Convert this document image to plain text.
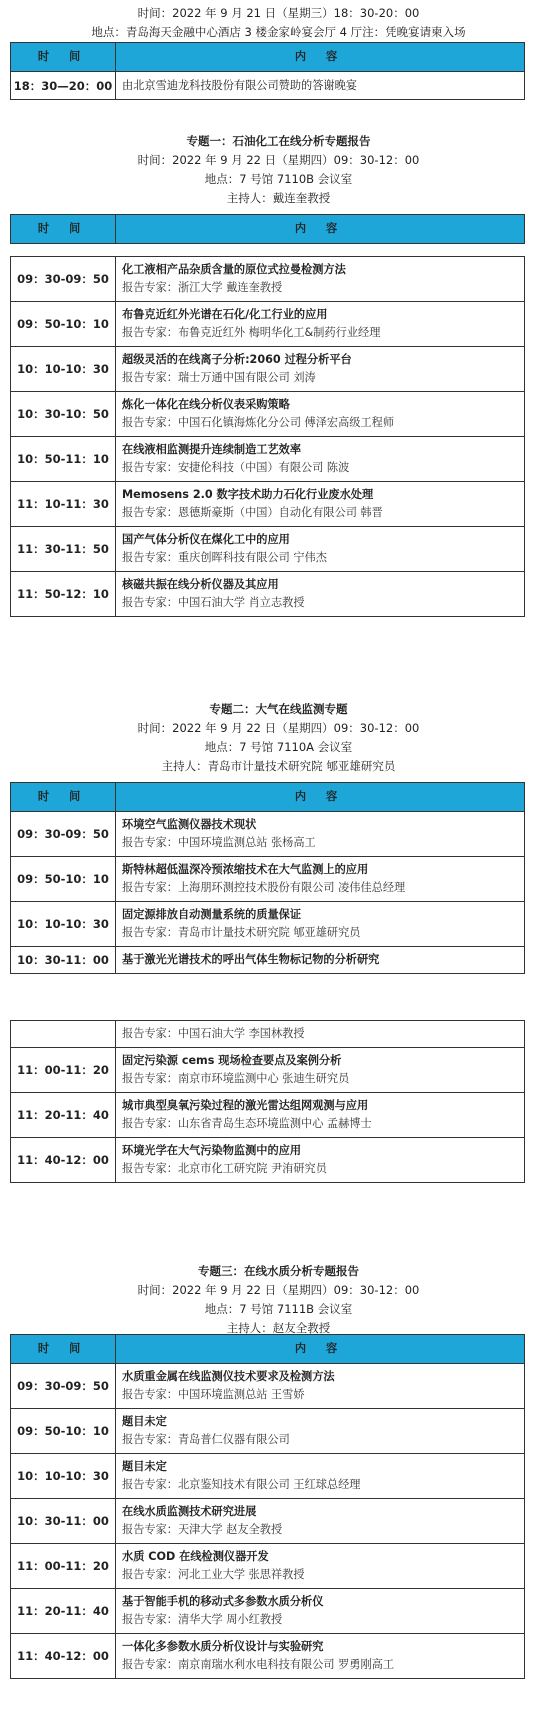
时间：2022 年 9 月 21 日（星期三）18：30-20：00
地点：青岛海天金融中心酒店 3 楼金家岭宴会厅 4 厅注：凭晚宴请柬入场
时 间	内 容
18：30—20：00	由北京雪迪龙科技股份有限公司赞助的答谢晚宴
专题一：石油化工在线分析专题报告
时间：2022 年 9 月 22 日（星期四）09：30-12：00
地点：7 号馆 7110B 会议室
主持人：戴连奎教授
时 间	内 容
09：30-09：50	化工液相产品杂质含量的原位式拉曼检测方法
报告专家：浙江大学 戴连奎教授

09：50-10：10	布鲁克近红外光谱在石化/化工行业的应用
报告专家：布鲁克近红外 梅明华化工&制药行业经理

10：10-10：30	超级灵活的在线离子分析:2060 过程分析平台
报告专家：瑞士万通中国有限公司 刘涛

10：30-10：50	炼化一体化在线分析仪表采购策略
报告专家：中国石化镇海炼化分公司 傅泽宏高级工程师

10：50-11：10	在线液相监测提升连续制造工艺效率
报告专家：安捷伦科技（中国）有限公司 陈波

11：10-11：30	Memosens 2.0 数字技术助力石化行业废水处理
报告专家：恩德斯豪斯（中国）自动化有限公司 韩晋

11：30-11：50	国产气体分析仪在煤化工中的应用
报告专家：重庆创晖科技有限公司 宁伟杰

11：50-12：10	核磁共振在线分析仪器及其应用
报告专家：中国石油大学 肖立志教授
专题二：大气在线监测专题
时间：2022 年 9 月 22 日（星期四）09：30-12：00
地点：7 号馆 7110A 会议室
主持人：青岛市计量技术研究院 郇亚雄研究员
时 间	内 容
09：30-09：50	环境空气监测仪器技术现状
报告专家：中国环境监测总站 张杨高工

09：50-10：10	斯特林超低温深冷预浓缩技术在大气监测上的应用
报告专家：上海朋环测控技术股份有限公司 凌伟佳总经理

10：10-10：30	固定源排放自动测量系统的质量保证
报告专家：青岛市计量技术研究院 郇亚雄研究员

10：30-11：00	基于激光光谱技术的呼出气体生物标记物的分析研究

	报告专家：中国石油大学 李国林教授

11：00-11：20	固定污染源 cems 现场检查要点及案例分析
报告专家：南京市环境监测中心 张迪生研究员

11：20-11：40	城市典型臭氧污染过程的激光雷达组网观测与应用
报告专家：山东省青岛生态环境监测中心 孟赫博士

11：40-12：00	环境光学在大气污染物监测中的应用
报告专家：北京市化工研究院 尹洧研究员
专题三：在线水质分析专题报告
时间：2022 年 9 月 22 日（星期四）09：30-12：00
地点：7 号馆 7111B 会议室
主持人：赵友全教授
时 间	内 容
09：30-09：50	水质重金属在线监测仪技术要求及检测方法
报告专家：中国环境监测总站 王雪娇

09：50-10：10	题目未定
报告专家：青岛普仁仪器有限公司

10：10-10：30	题目未定
报告专家：北京鉴知技术有限公司 王红球总经理

10：30-11：00	在线水质监测技术研究进展
报告专家：天津大学 赵友全教授

11：00-11：20	水质 COD 在线检测仪器开发
报告专家：河北工业大学 张思祥教授

11：20-11：40	基于智能手机的移动式多参数水质分析仪
报告专家：清华大学 周小红教授

11：40-12：00	一体化多参数水质分析仪设计与实验研究
报告专家：南京南瑞水利水电科技有限公司 罗勇刚高工
